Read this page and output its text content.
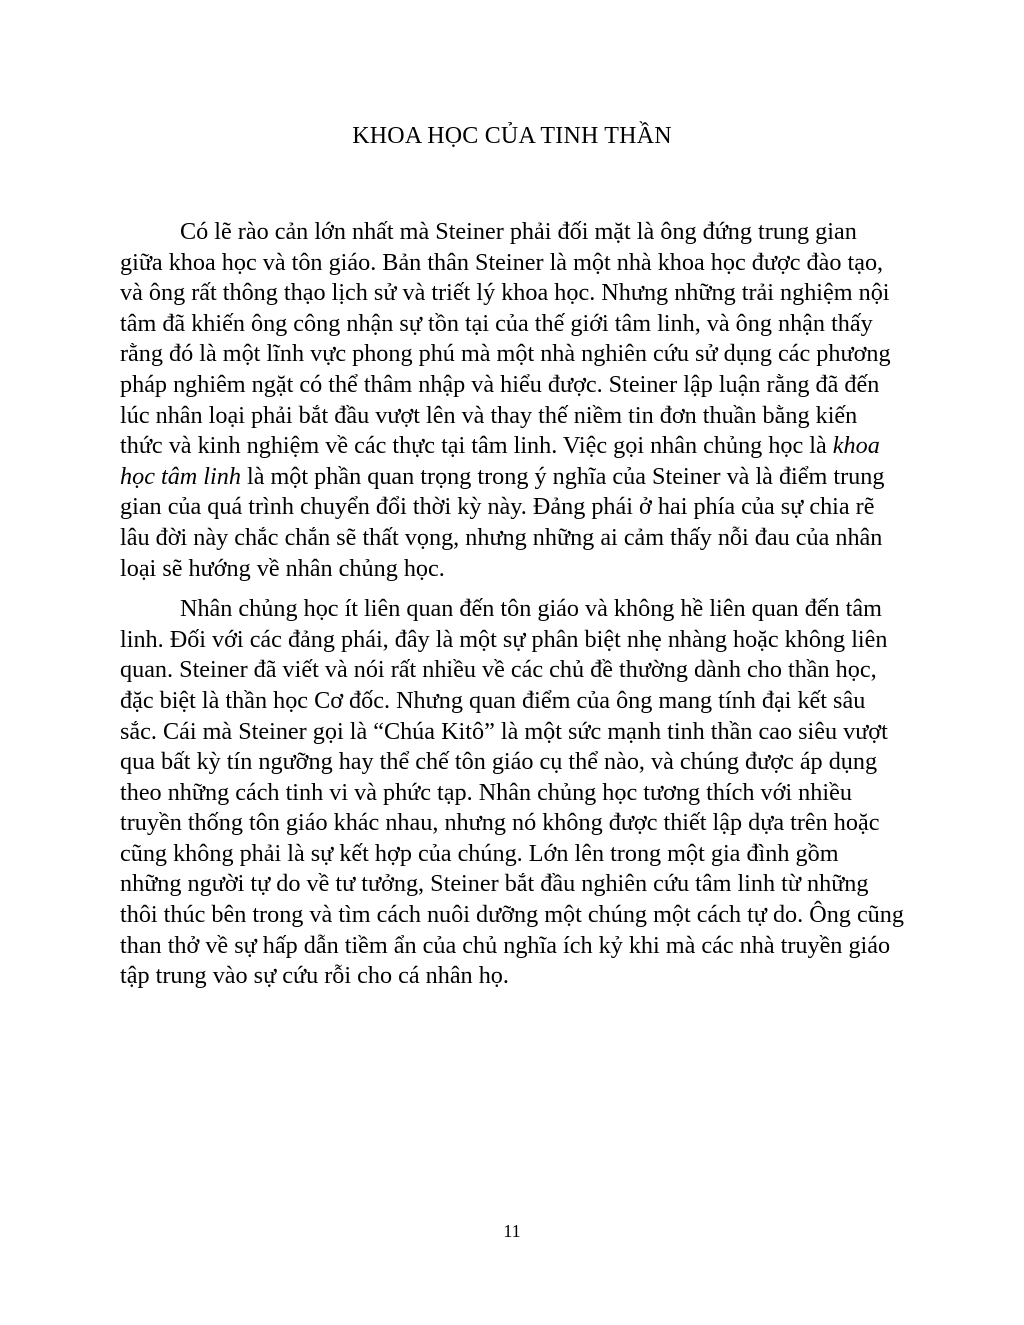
KHOA HỌC CỦA TINH THẦN

Có lẽ rào cản lớn nhất mà Steiner phải đối mặt là ông đứng trung gian giữa khoa học và tôn giáo. Bản thân Steiner là một nhà khoa học được đào tạo, và ông rất thông thạo lịch sử và triết lý khoa học. Nhưng những trải nghiệm nội tâm đã khiến ông công nhận sự tồn tại của thế giới tâm linh, và ông nhận thấy rằng đó là một lĩnh vực phong phú mà một nhà nghiên cứu sử dụng các phương pháp nghiêm ngặt có thể thâm nhập và hiểu được. Steiner lập luận rằng đã đến lúc nhân loại phải bắt đầu vượt lên và thay thế niềm tin đơn thuần bằng kiến thức và kinh nghiệm về các thực tại tâm linh. Việc gọi nhân chủng học là khoa học tâm linh là một phần quan trọng trong ý nghĩa của Steiner và là điểm trung gian của quá trình chuyển đổi thời kỳ này. Đảng phái ở hai phía của sự chia rẽ lâu đời này chắc chắn sẽ thất vọng, nhưng những ai cảm thấy nỗi đau của nhân loại sẽ hướng về nhân chủng học.

Nhân chủng học ít liên quan đến tôn giáo và không hề liên quan đến tâm linh. Đối với các đảng phái, đây là một sự phân biệt nhẹ nhàng hoặc không liên quan. Steiner đã viết và nói rất nhiều về các chủ đề thường dành cho thần học, đặc biệt là thần học Cơ đốc. Nhưng quan điểm của ông mang tính đại kết sâu sắc. Cái mà Steiner gọi là “Chúa Kitô” là một sức mạnh tinh thần cao siêu vượt qua bất kỳ tín ngưỡng hay thể chế tôn giáo cụ thể nào, và chúng được áp dụng theo những cách tinh vi và phức tạp. Nhân chủng học tương thích với nhiều truyền thống tôn giáo khác nhau, nhưng nó không được thiết lập dựa trên hoặc cũng không phải là sự kết hợp của chúng. Lớn lên trong một gia đình gồm những người tự do về tư tưởng, Steiner bắt đầu nghiên cứu tâm linh từ những thôi thúc bên trong và tìm cách nuôi dưỡng một chúng một cách tự do. Ông cũng than thở về sự hấp dẫn tiềm ẩn của chủ nghĩa ích kỷ khi mà các nhà truyền giáo tập trung vào sự cứu rỗi cho cá nhân họ.

11
